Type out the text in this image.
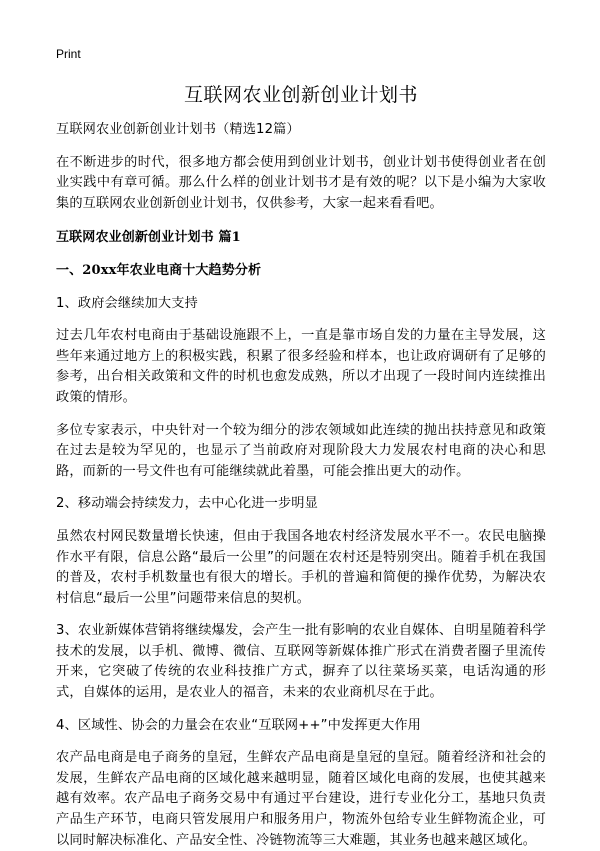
Print
互联网农业创新创业计划书

互联网农业创新创业计划书（精选12篇）

在不断进步的时代，很多地方都会使用到创业计划书，创业计划书使得创业者在创业实践中有章可循。那么什么样的创业计划书才是有效的呢？以下是小编为大家收集的互联网农业创新创业计划书，仅供参考，大家一起来看看吧。

互联网农业创新创业计划书 篇1

一、20xx年农业电商十大趋势分析

1、政府会继续加大支持

过去几年农村电商由于基础设施跟不上，一直是靠市场自发的力量在主导发展，这些年来通过地方上的积极实践，积累了很多经验和样本，也让政府调研有了足够的参考，出台相关政策和文件的时机也愈发成熟，所以才出现了一段时间内连续推出政策的情形。

多位专家表示，中央针对一个较为细分的涉农领域如此连续的抛出扶持意见和政策在过去是较为罕见的，也显示了当前政府对现阶段大力发展农村电商的决心和思路，而新的一号文件也有可能继续就此着墨，可能会推出更大的动作。

2、移动端会持续发力，去中心化进一步明显

虽然农村网民数量增长快速，但由于我国各地农村经济发展水平不一。农民电脑操作水平有限，信息公路“最后一公里”的问题在农村还是特别突出。随着手机在我国的普及，农村手机数量也有很大的增长。手机的普遍和简便的操作优势，为解决农村信息“最后一公里”问题带来信息的契机。

3、农业新媒体营销将继续爆发，会产生一批有影响的农业自媒体、自明星随着科学技术的发展，以手机、微博、微信、互联网等新媒体推广形式在消费者圈子里流传开来，它突破了传统的农业科技推广方式，摒弃了以往菜场买菜，电话沟通的形式，自媒体的运用，是农业人的福音，未来的农业商机尽在于此。

4、区域性、协会的力量会在农业“互联网++”中发挥更大作用

农产品电商是电子商务的皇冠，生鲜农产品电商是皇冠的皇冠。随着经济和社会的发展，生鲜农产品电商的区域化越来越明显，随着区域化电商的发展，也使其越来越有效率。农产品电子商务交易中有通过平台建设，进行专业化分工，基地只负责产品生产环节，电商只管发展用户和服务用户，物流外包给专业生鲜物流企业，可以同时解决标准化、产品安全性、冷链物流等三大难题，其业务也越来越区域化。
